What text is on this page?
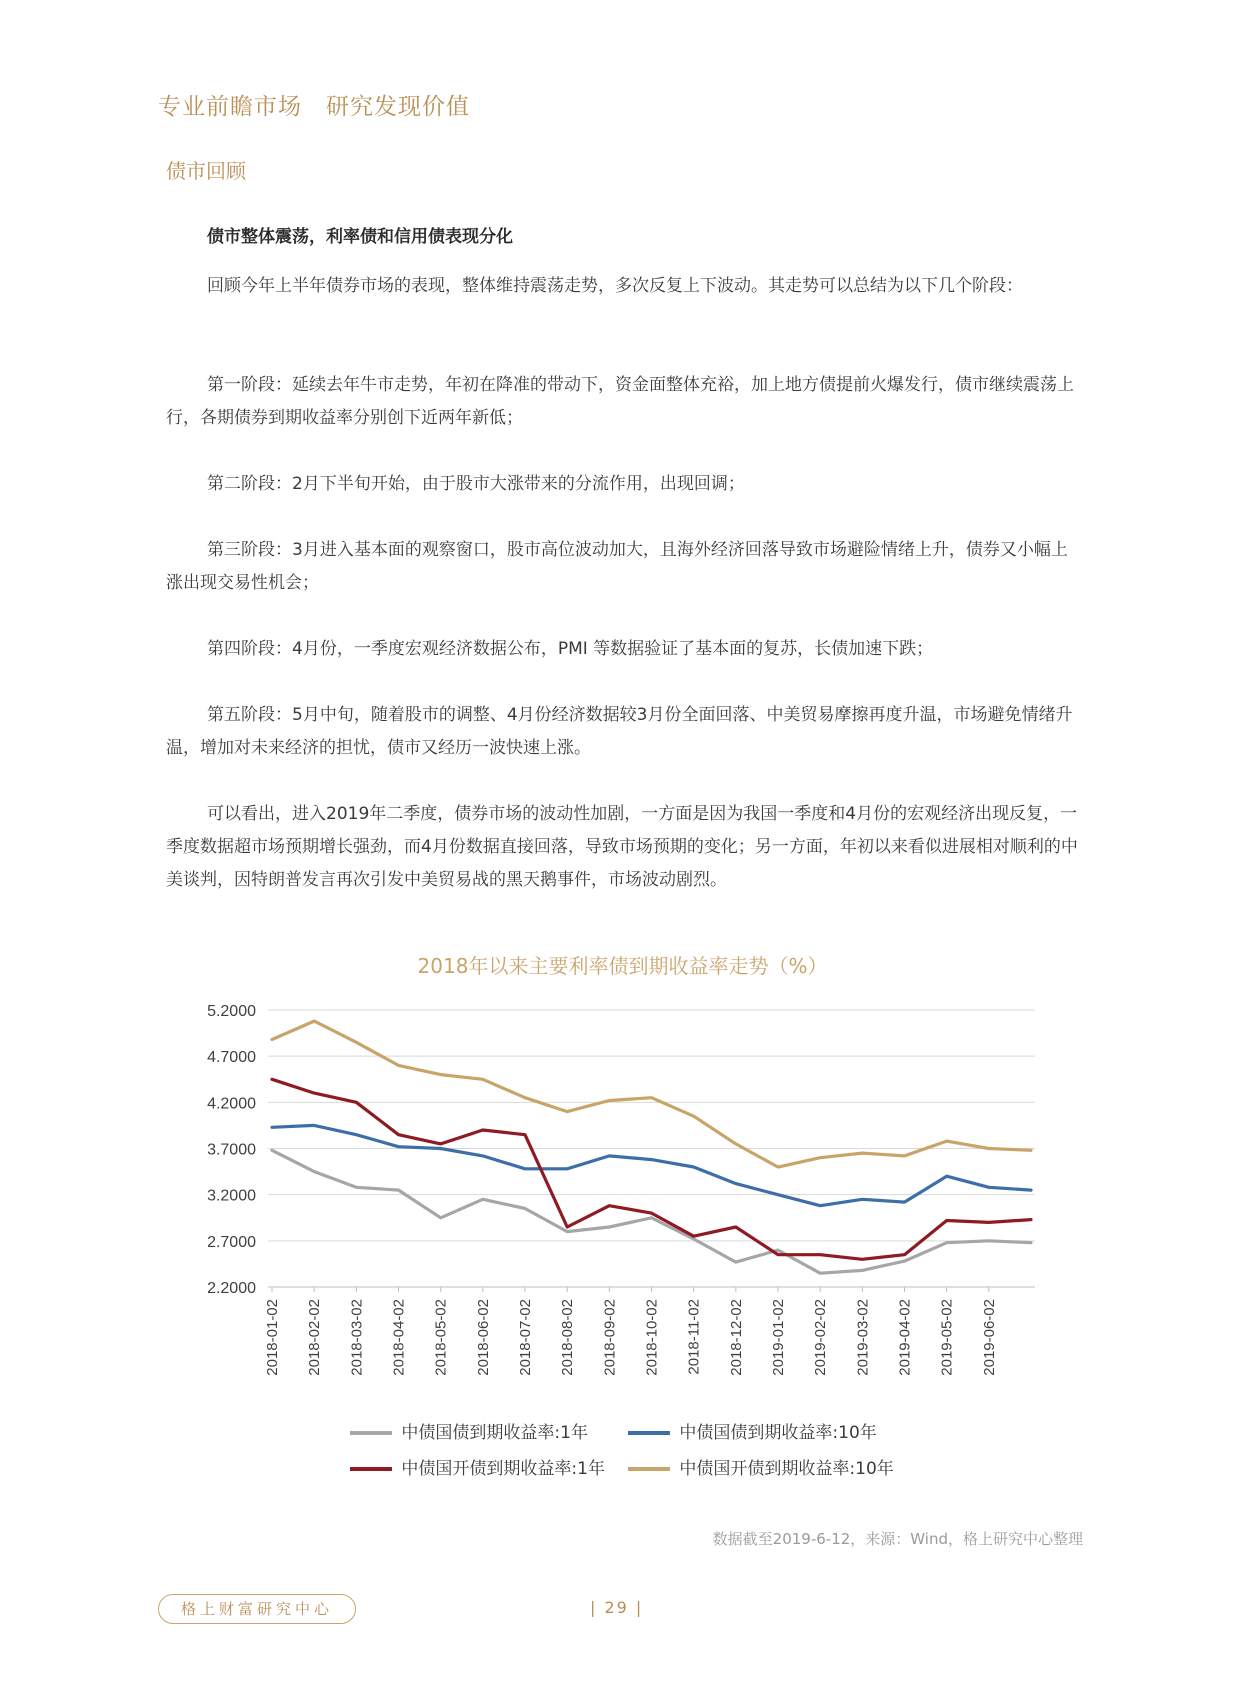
专业前瞻市场　研究发现价值
债市回顾
债市整体震荡，利率债和信用债表现分化
回顾今年上半年债券市场的表现，整体维持震荡走势，多次反复上下波动。其走势可以总结为以下几个阶段：
第一阶段：延续去年牛市走势，年初在降准的带动下，资金面整体充裕，加上地方债提前火爆发行，债市继续震荡上行，各期债券到期收益率分别创下近两年新低；
第二阶段：2月下半旬开始，由于股市大涨带来的分流作用，出现回调；
第三阶段：3月进入基本面的观察窗口，股市高位波动加大，且海外经济回落导致市场避险情绪上升，债券又小幅上涨出现交易性机会；
第四阶段：4月份，一季度宏观经济数据公布，PMI 等数据验证了基本面的复苏，长债加速下跌；
第五阶段：5月中旬，随着股市的调整、4月份经济数据较3月份全面回落、中美贸易摩擦再度升温，市场避免情绪升温，增加对未来经济的担忧，债市又经历一波快速上涨。
可以看出，进入2019年二季度，债券市场的波动性加剧，一方面是因为我国一季度和4月份的宏观经济出现反复，一季度数据超市场预期增长强劲，而4月份数据直接回落，导致市场预期的变化；另一方面，年初以来看似进展相对顺利的中美谈判，因特朗普发言再次引发中美贸易战的黑天鹅事件，市场波动剧烈。
2018年以来主要利率债到期收益率走势（%）
5.2000
4.7000
4.2000
3.7000
3.2000
2.7000
2.2000
2018-01-02 2018-02-02 2018-03-02 2018-04-02 2018-05-02 2018-06-02 2018-07-02 2018-08-02 2018-09-02 2018-10-02 2018-11-02 2018-12-02 2019-01-02 2019-02-02 2019-03-02 2019-04-02 2019-05-02 2019-06-02
中债国债到期收益率:1年	中债国债到期收益率:10年
中债国开债到期收益率:1年	中债国开债到期收益率:10年
数据截至2019-6-12，来源：Wind，格上研究中心整理
格上财富研究中心	| 29 |
